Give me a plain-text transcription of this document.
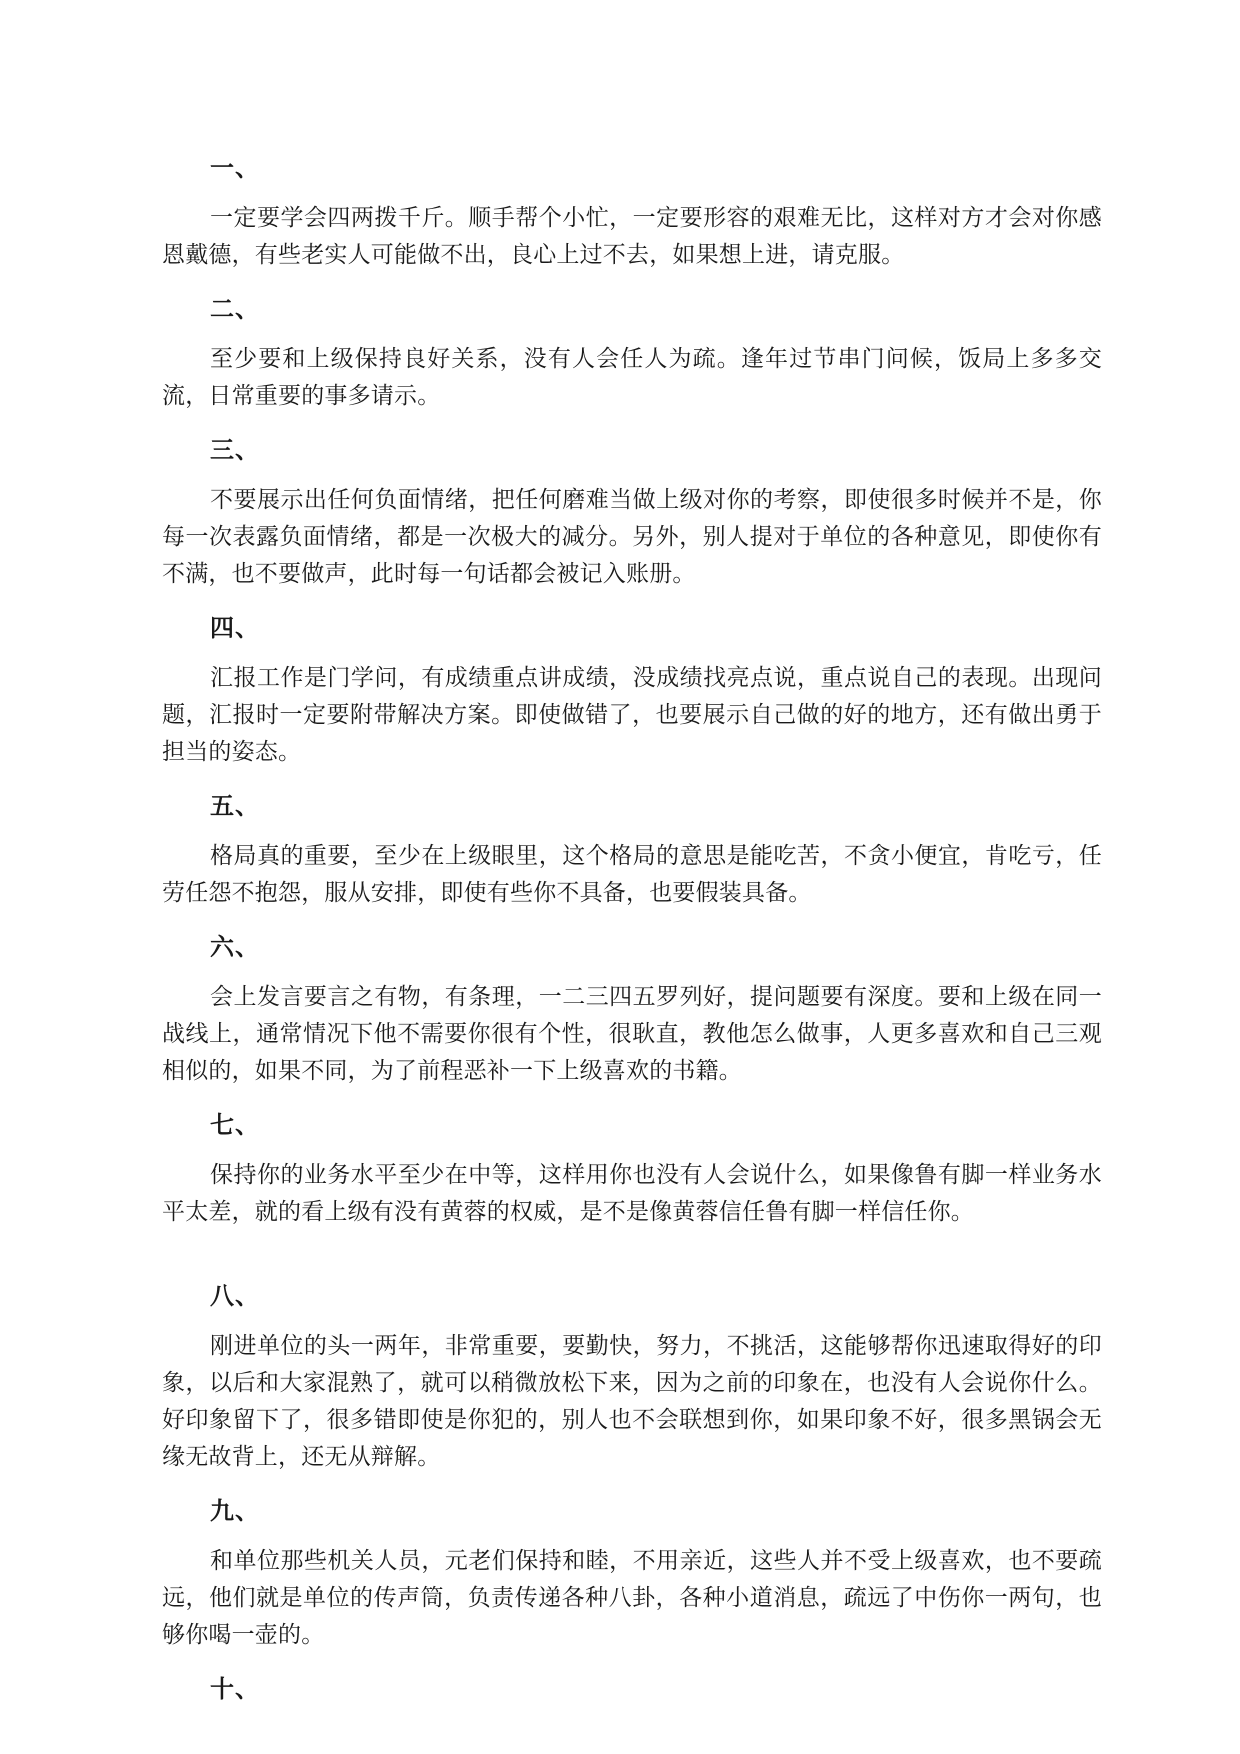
一、

一定要学会四两拨千斤。顺手帮个小忙，一定要形容的艰难无比，这样对方才会对你感恩戴德，有些老实人可能做不出，良心上过不去，如果想上进，请克服。

二、

至少要和上级保持良好关系，没有人会任人为疏。逢年过节串门问候，饭局上多多交流，日常重要的事多请示。

三、

不要展示出任何负面情绪，把任何磨难当做上级对你的考察，即使很多时候并不是，你每一次表露负面情绪，都是一次极大的减分。另外，别人提对于单位的各种意见，即使你有不满，也不要做声，此时每一句话都会被记入账册。

四、

汇报工作是门学问，有成绩重点讲成绩，没成绩找亮点说，重点说自己的表现。出现问题，汇报时一定要附带解决方案。即使做错了，也要展示自己做的好的地方，还有做出勇于担当的姿态。

五、

格局真的重要，至少在上级眼里，这个格局的意思是能吃苦，不贪小便宜，肯吃亏，任劳任怨不抱怨，服从安排，即使有些你不具备，也要假装具备。

六、

会上发言要言之有物，有条理，一二三四五罗列好，提问题要有深度。要和上级在同一战线上，通常情况下他不需要你很有个性，很耿直，教他怎么做事，人更多喜欢和自己三观相似的，如果不同，为了前程恶补一下上级喜欢的书籍。

七、

保持你的业务水平至少在中等，这样用你也没有人会说什么，如果像鲁有脚一样业务水平太差，就的看上级有没有黄蓉的权威，是不是像黄蓉信任鲁有脚一样信任你。

八、

刚进单位的头一两年，非常重要，要勤快，努力，不挑活，这能够帮你迅速取得好的印象，以后和大家混熟了，就可以稍微放松下来，因为之前的印象在，也没有人会说你什么。好印象留下了，很多错即使是你犯的，别人也不会联想到你，如果印象不好，很多黑锅会无缘无故背上，还无从辩解。

九、

和单位那些机关人员，元老们保持和睦，不用亲近，这些人并不受上级喜欢，也不要疏远，他们就是单位的传声筒，负责传递各种八卦，各种小道消息，疏远了中伤你一两句，也够你喝一壶的。

十、
